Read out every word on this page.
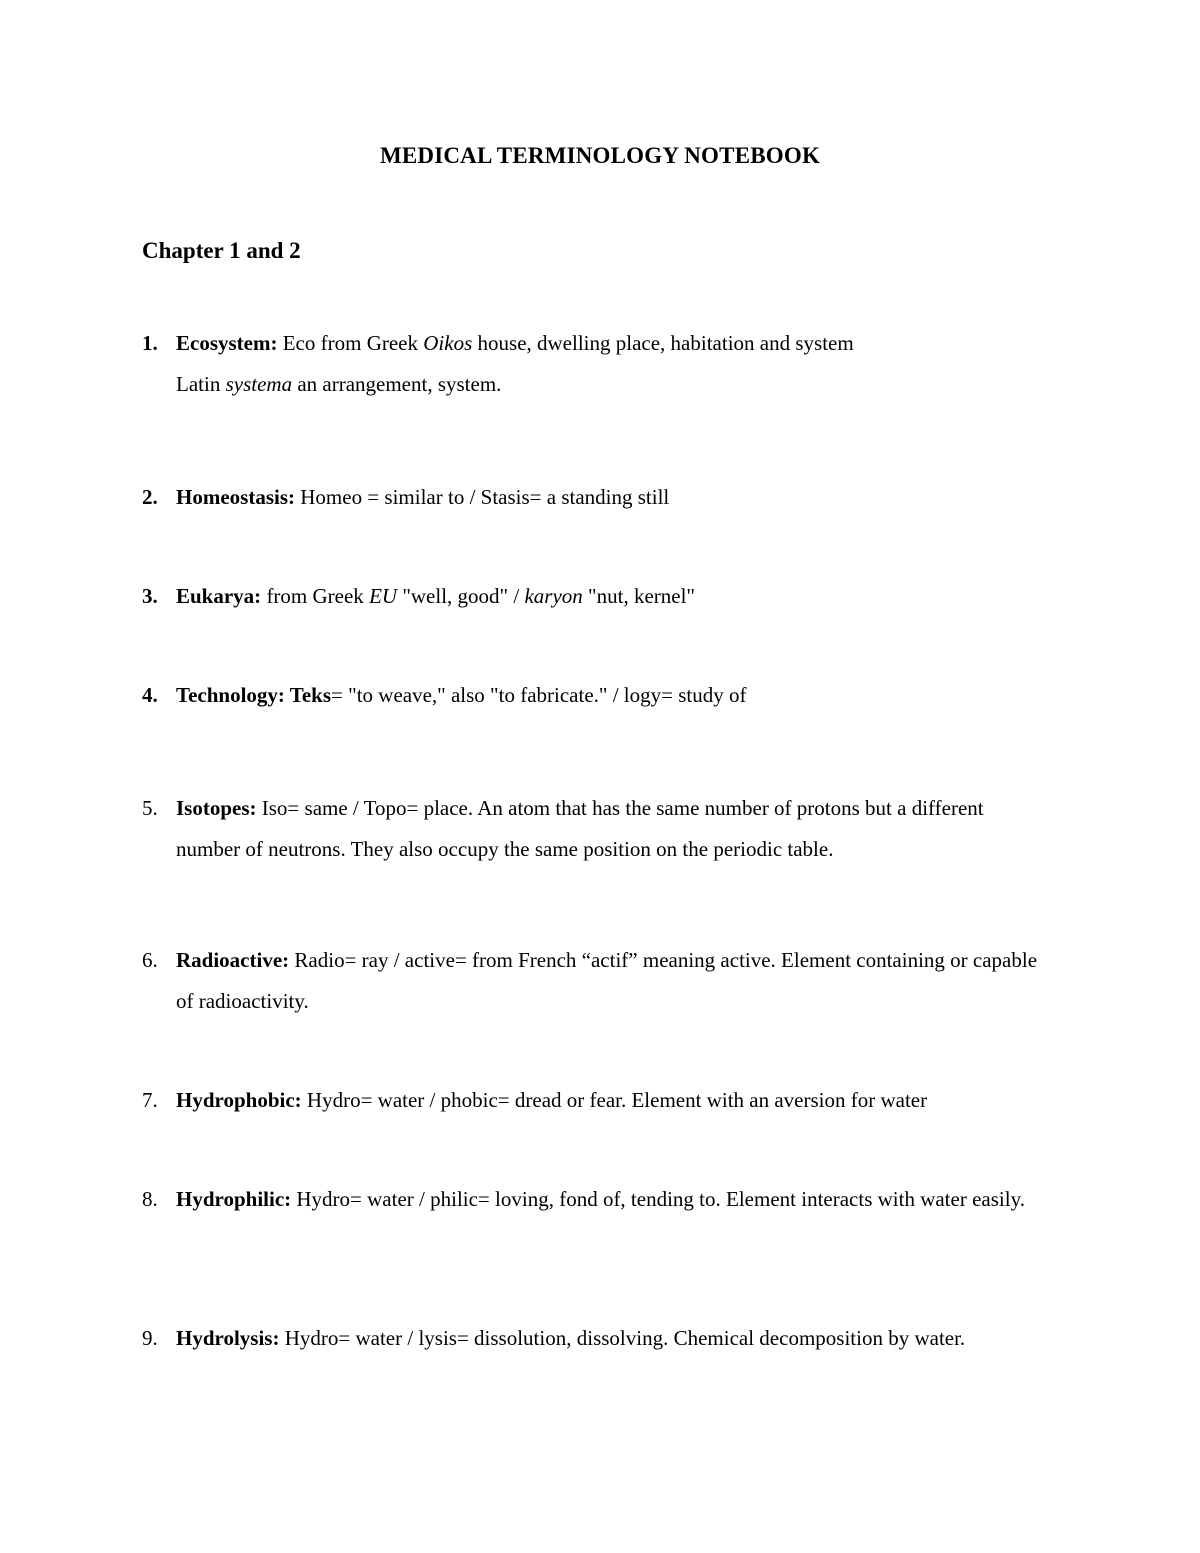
MEDICAL TERMINOLOGY NOTEBOOK
Chapter 1 and 2
1. Ecosystem: Eco from Greek Oikos house, dwelling place, habitation and system
Latin systema an arrangement, system.
2. Homeostasis: Homeo = similar to / Stasis= a standing still
3. Eukarya: from Greek EU "well, good" / karyon "nut, kernel"
4. Technology: Teks= "to weave," also "to fabricate." / logy= study of
5. Isotopes: Iso= same / Topo= place. An atom that has the same number of protons but a different number of neutrons. They also occupy the same position on the periodic table.
6. Radioactive: Radio= ray / active= from French “actif” meaning active. Element containing or capable of radioactivity.
7. Hydrophobic: Hydro= water / phobic= dread or fear. Element with an aversion for water
8. Hydrophilic: Hydro= water / philic= loving, fond of, tending to. Element interacts with water easily.
9. Hydrolysis: Hydro= water / lysis= dissolution, dissolving. Chemical decomposition by water.
